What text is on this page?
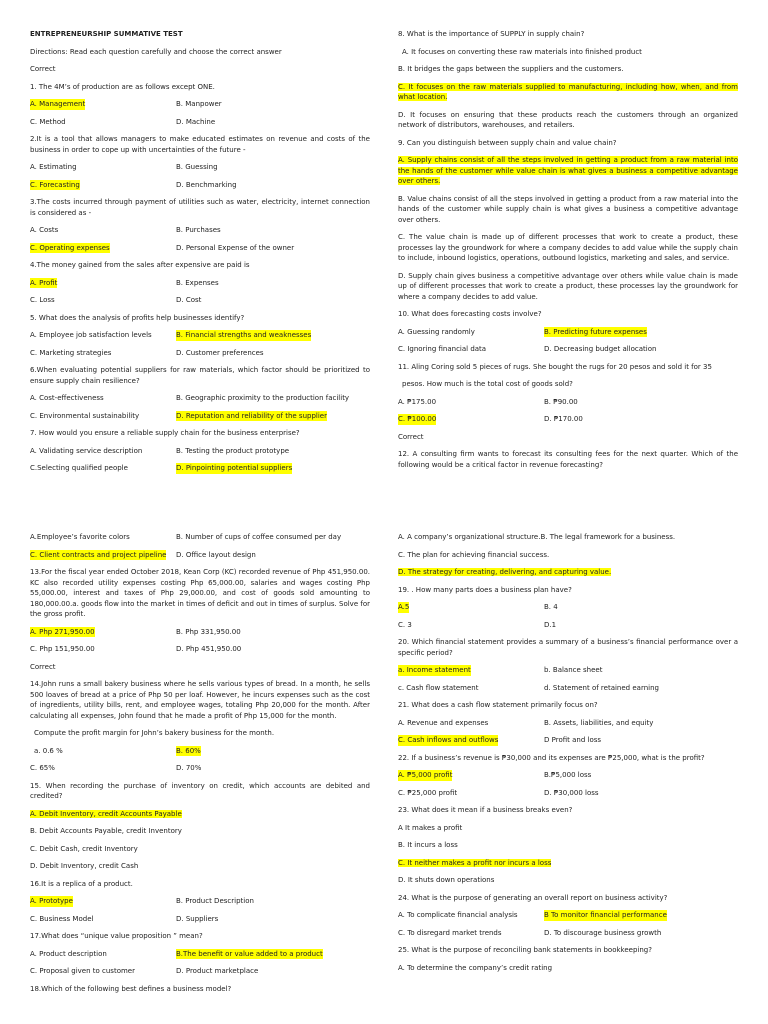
ENTREPRENEURSHIP SUMMATIVE TEST
Directions: Read each question carefully and choose the correct answer
Correct
1. The 4M’s of production are as follows except ONE.
A. Management	B. Manpower
C. Method	D. Machine
2.It is a tool that allows managers to make educated estimates on revenue and costs of the business in order to cope up with uncertainties of the future -
A. Estimating	B. Guessing
C. Forecasting	D. Benchmarking
3.The costs incurred through payment of utilities such as water, electricity, internet connection is considered as -
A. Costs	B. Purchases
C. Operating expenses	D. Personal Expense of the owner
4.The money gained from the sales after expensive are paid is
A. Profit	B. Expenses
C. Loss	D. Cost
5. What does the analysis of profits help businesses identify?
A. Employee job satisfaction levels	B. Financial strengths and weaknesses
C. Marketing strategies	D. Customer preferences
6.When evaluating potential suppliers for raw materials, which factor should be prioritized to ensure supply chain resilience?
A. Cost-effectiveness	B. Geographic proximity to the production facility
C. Environmental sustainability	D. Reputation and reliability of the supplier
7. How would you ensure a reliable supply chain for the business enterprise?
A. Validating service description	B. Testing the product prototype
C.Selecting qualified people	D. Pinpointing potential suppliers
8. What is the importance of SUPPLY in supply chain?
A. It focuses on converting these raw materials into finished product
B. It bridges the gaps between the suppliers and the customers.
C. It focuses on the raw materials supplied to manufacturing, including how, when, and from what location.
D. It focuses on ensuring that these products reach the customers through an organized network of distributors, warehouses, and retailers.
9. Can you distinguish between supply chain and value chain?
A. Supply chains consist of all the steps involved in getting a product from a raw material into the hands of the customer while value chain is what gives a business a competitive advantage over others.
B. Value chains consist of all the steps involved in getting a product from a raw material into the hands of the customer while supply chain is what gives a business a competitive advantage over others.
C. The value chain is made up of different processes that work to create a product, these processes lay the groundwork for where a company decides to add value while the supply chain to include, inbound logistics, operations, outbound logistics, marketing and sales, and service.
D. Supply chain gives business a competitive advantage over others while value chain is made up of different processes that work to create a product, these processes lay the groundwork for where a company decides to add value.
10. What does forecasting costs involve?
A. Guessing randomly	B. Predicting future expenses
C. Ignoring financial data	D. Decreasing budget allocation
11. Aling Coring sold 5 pieces of rugs. She bought the rugs for 20 pesos and sold it for 35
pesos. How much is the total cost of goods sold?
A. ₱175.00	B. ₱90.00
C. ₱100.00	D. ₱170.00
Correct
12. A consulting firm wants to forecast its consulting fees for the next quarter. Which of the following would be a critical factor in revenue forecasting?
A.Employee’s favorite colors	B. Number of cups of coffee consumed per day
C. Client contracts and project pipeline D. Office layout design
13.For the fiscal year ended October 2018, Kean Corp (KC) recorded revenue of Php 451,950.00. KC also recorded utility expenses costing Php 65,000.00, salaries and wages costing Php 55,000.00, interest and taxes of Php 29,000.00, and cost of goods sold amounting to 180,000.00.a. goods flow into the market in times of deficit and out in times of surplus. Solve for the gross profit.
A. Php 271,950.00	B. Php 331,950.00
C. Php 151,950.00	D. Php 451,950.00
Correct
14.John runs a small bakery business where he sells various types of bread. In a month, he sells 500 loaves of bread at a price of Php 50 per loaf. However, he incurs expenses such as the cost of ingredients, utility bills, rent, and employee wages, totaling Php 20,000 for the month. After calculating all expenses, John found that he made a profit of Php 15,000 for the month.
Compute the profit margin for John’s bakery business for the month.
a. 0.6 %	B. 60%
C. 65%	D. 70%
15. When recording the purchase of inventory on credit, which accounts are debited and credited?
A. Debit Inventory, credit Accounts Payable
B. Debit Accounts Payable, credit Inventory
C. Debit Cash, credit Inventory
D. Debit Inventory, credit Cash
16.It is a replica of a product.
A. Prototype	B. Product Description
C. Business Model	D. Suppliers
17.What does “unique value proposition ” mean?
A. Product description	B.The benefit or value added to a product
C. Proposal given to customer	D. Product marketplace
18.Which of the following best defines a business model?
A. A company’s organizational structure.B. The legal framework for a business.
C. The plan for achieving financial success.
D. The strategy for creating, delivering, and capturing value.
19. . How many parts does a business plan have?
A.5	B. 4
C. 3	D.1
20. Which financial statement provides a summary of a business’s financial performance over a specific period?
a. Income statement	b. Balance sheet
c. Cash flow statement	d. Statement of retained earning
21. What does a cash flow statement primarily focus on?
A. Revenue and expenses	B. Assets, liabilities, and equity
C. Cash inflows and outflows	D Profit and loss
22. If a business’s revenue is ₱30,000 and its expenses are ₱25,000, what is the profit?
A. ₱5,000 profit	B.₱5,000 loss
C. ₱25,000 profit	D. ₱30,000 loss
23. What does it mean if a business breaks even?
A It makes a profit
B. It incurs a loss
C. It neither makes a profit nor incurs a loss
D. It shuts down operations
24. What is the purpose of generating an overall report on business activity?
A. To complicate financial analysis	B To monitor financial performance
C. To disregard market trends	D. To discourage business growth
25. What is the purpose of reconciling bank statements in bookkeeping?
A. To determine the company’s credit rating
